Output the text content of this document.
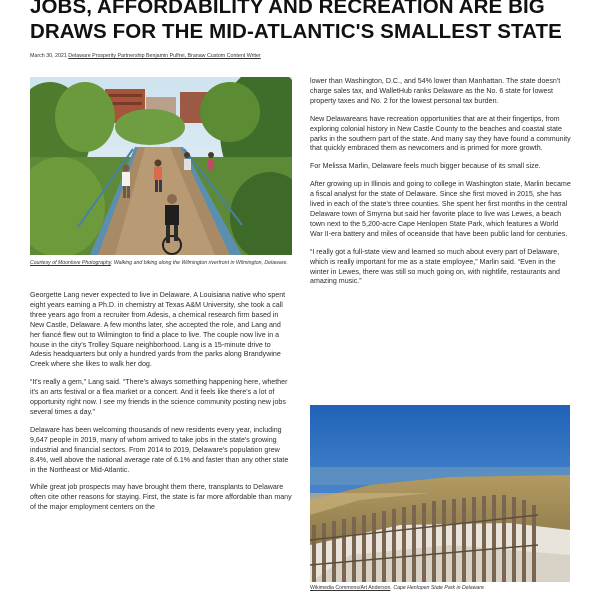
JOBS, AFFORDABILITY AND RECREATION ARE BIG
DRAWS FOR THE MID-ATLANTIC'S SMALLEST STATE
March 30, 2021 Delaware Prosperity Partnership Benjamin Pulfrei, Branaw Custom Content Writer
Courtesy of Moonlove Photography. Walking and biking along the Wilmington riverfront in Wilmington, Delaware.

Georgette Lang never expected to live in Delaware. A Louisiana native who spent eight years earning a Ph.D. in chemistry at Texas A&M University, she took a call three years ago from a recruiter from Adesis, a chemical research firm based in New Castle, Delaware. A few months later, she accepted the role, and Lang and her fiancé flew out to Wilmington to find a place to live. The couple now live in a house in the city's Trolley Square neighborhood. Lang is a 15-minute drive to Adesis headquarters but only a hundred yards from the parks along Brandywine Creek where she likes to walk her dog.

“It's really a gem,” Lang said. “There's always something happening here, whether it's an arts festival or a flea market or a concert. And it feels like there's a lot of opportunity right now. I see my friends in the science community posting new jobs several times a day.”

Delaware has been welcoming thousands of new residents every year, including 9,647 people in 2019, many of whom arrived to take jobs in the state's growing industrial and financial sectors. From 2014 to 2019, Delaware's population grew 8.4%, well above the national average rate of 6.1% and faster than any other state in the Northeast or Mid-Atlantic.

While great job prospects may have brought them there, transplants to Delaware often cite other reasons for staying. First, the state is far more affordable than many of the major employment centers on the

lower than Washington, D.C., and 54% lower than Manhattan. The state doesn't charge sales tax, and WalletHub ranks Delaware as the No. 6 state for lowest property taxes and No. 2 for the lowest personal tax burden.

New Delawareans have recreation opportunities that are at their fingertips, from exploring colonial history in New Castle County to the beaches and coastal state parks in the southern part of the state. And many say they have found a community that quickly embraced them as newcomers and is primed for more growth.

For Melissa Marlin, Delaware feels much bigger because of its small size.

After growing up in Illinois and going to college in Washington state, Marlin became a fiscal analyst for the state of Delaware. Since she first moved in 2015, she has lived in each of the state's three counties. She spent her first months in the central Delaware town of Smyrna but said her favorite place to live was Lewes, a beach town next to the 5,200-acre Cape Henlopen State Park, which features a World War II-era battery and miles of oceanside that have been public land for centuries.

“I really got a full-state view and learned so much about every part of Delaware, which is really important for me as a state employee,” Marlin said. “Even in the winter in Lewes, there was still so much going on, with nightlife, restaurants and amazing music.”

Wikimedia Commons/Art Anderson. Cape Henlopen State Park in Delaware
